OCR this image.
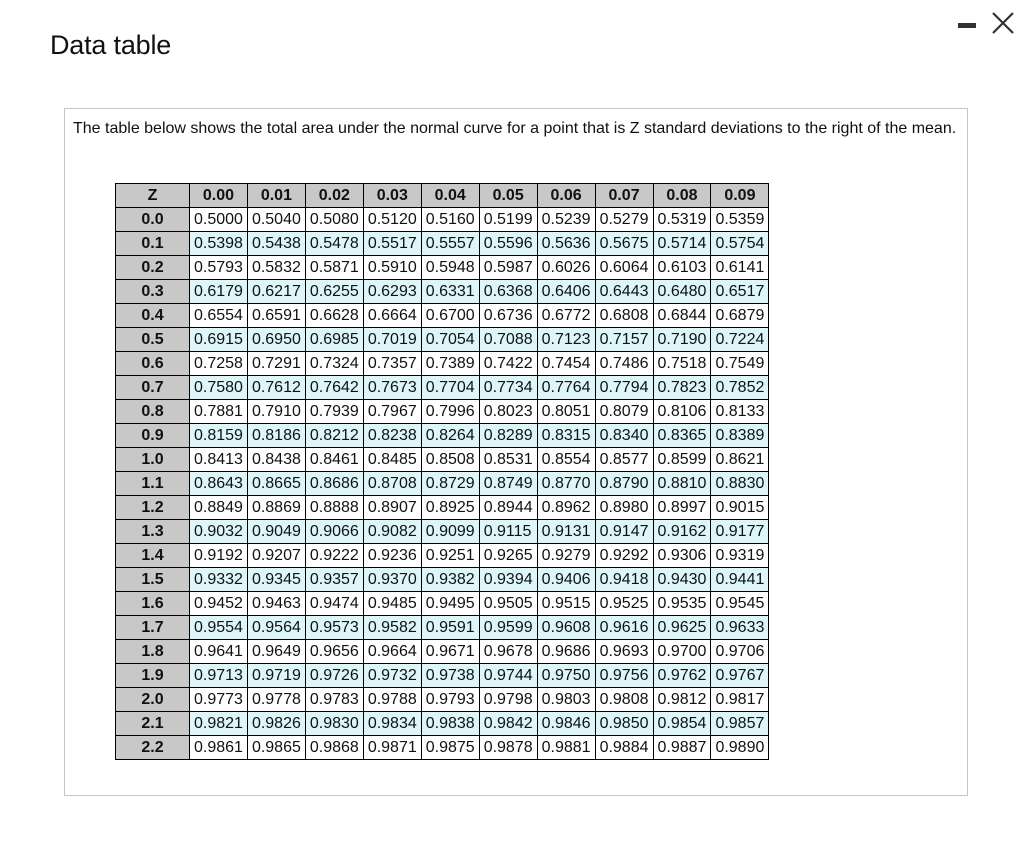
Data table

The table below shows the total area under the normal curve for a point that is Z standard deviations to the right of the mean.

Z	0.00	0.01	0.02	0.03	0.04	0.05	0.06	0.07	0.08	0.09
0.0	0.5000	0.5040	0.5080	0.5120	0.5160	0.5199	0.5239	0.5279	0.5319	0.5359
0.1	0.5398	0.5438	0.5478	0.5517	0.5557	0.5596	0.5636	0.5675	0.5714	0.5754
0.2	0.5793	0.5832	0.5871	0.5910	0.5948	0.5987	0.6026	0.6064	0.6103	0.6141
0.3	0.6179	0.6217	0.6255	0.6293	0.6331	0.6368	0.6406	0.6443	0.6480	0.6517
0.4	0.6554	0.6591	0.6628	0.6664	0.6700	0.6736	0.6772	0.6808	0.6844	0.6879
0.5	0.6915	0.6950	0.6985	0.7019	0.7054	0.7088	0.7123	0.7157	0.7190	0.7224
0.6	0.7258	0.7291	0.7324	0.7357	0.7389	0.7422	0.7454	0.7486	0.7518	0.7549
0.7	0.7580	0.7612	0.7642	0.7673	0.7704	0.7734	0.7764	0.7794	0.7823	0.7852
0.8	0.7881	0.7910	0.7939	0.7967	0.7996	0.8023	0.8051	0.8079	0.8106	0.8133
0.9	0.8159	0.8186	0.8212	0.8238	0.8264	0.8289	0.8315	0.8340	0.8365	0.8389
1.0	0.8413	0.8438	0.8461	0.8485	0.8508	0.8531	0.8554	0.8577	0.8599	0.8621
1.1	0.8643	0.8665	0.8686	0.8708	0.8729	0.8749	0.8770	0.8790	0.8810	0.8830
1.2	0.8849	0.8869	0.8888	0.8907	0.8925	0.8944	0.8962	0.8980	0.8997	0.9015
1.3	0.9032	0.9049	0.9066	0.9082	0.9099	0.9115	0.9131	0.9147	0.9162	0.9177
1.4	0.9192	0.9207	0.9222	0.9236	0.9251	0.9265	0.9279	0.9292	0.9306	0.9319
1.5	0.9332	0.9345	0.9357	0.9370	0.9382	0.9394	0.9406	0.9418	0.9430	0.9441
1.6	0.9452	0.9463	0.9474	0.9485	0.9495	0.9505	0.9515	0.9525	0.9535	0.9545
1.7	0.9554	0.9564	0.9573	0.9582	0.9591	0.9599	0.9608	0.9616	0.9625	0.9633
1.8	0.9641	0.9649	0.9656	0.9664	0.9671	0.9678	0.9686	0.9693	0.9700	0.9706
1.9	0.9713	0.9719	0.9726	0.9732	0.9738	0.9744	0.9750	0.9756	0.9762	0.9767
2.0	0.9773	0.9778	0.9783	0.9788	0.9793	0.9798	0.9803	0.9808	0.9812	0.9817
2.1	0.9821	0.9826	0.9830	0.9834	0.9838	0.9842	0.9846	0.9850	0.9854	0.9857
2.2	0.9861	0.9865	0.9868	0.9871	0.9875	0.9878	0.9881	0.9884	0.9887	0.9890
